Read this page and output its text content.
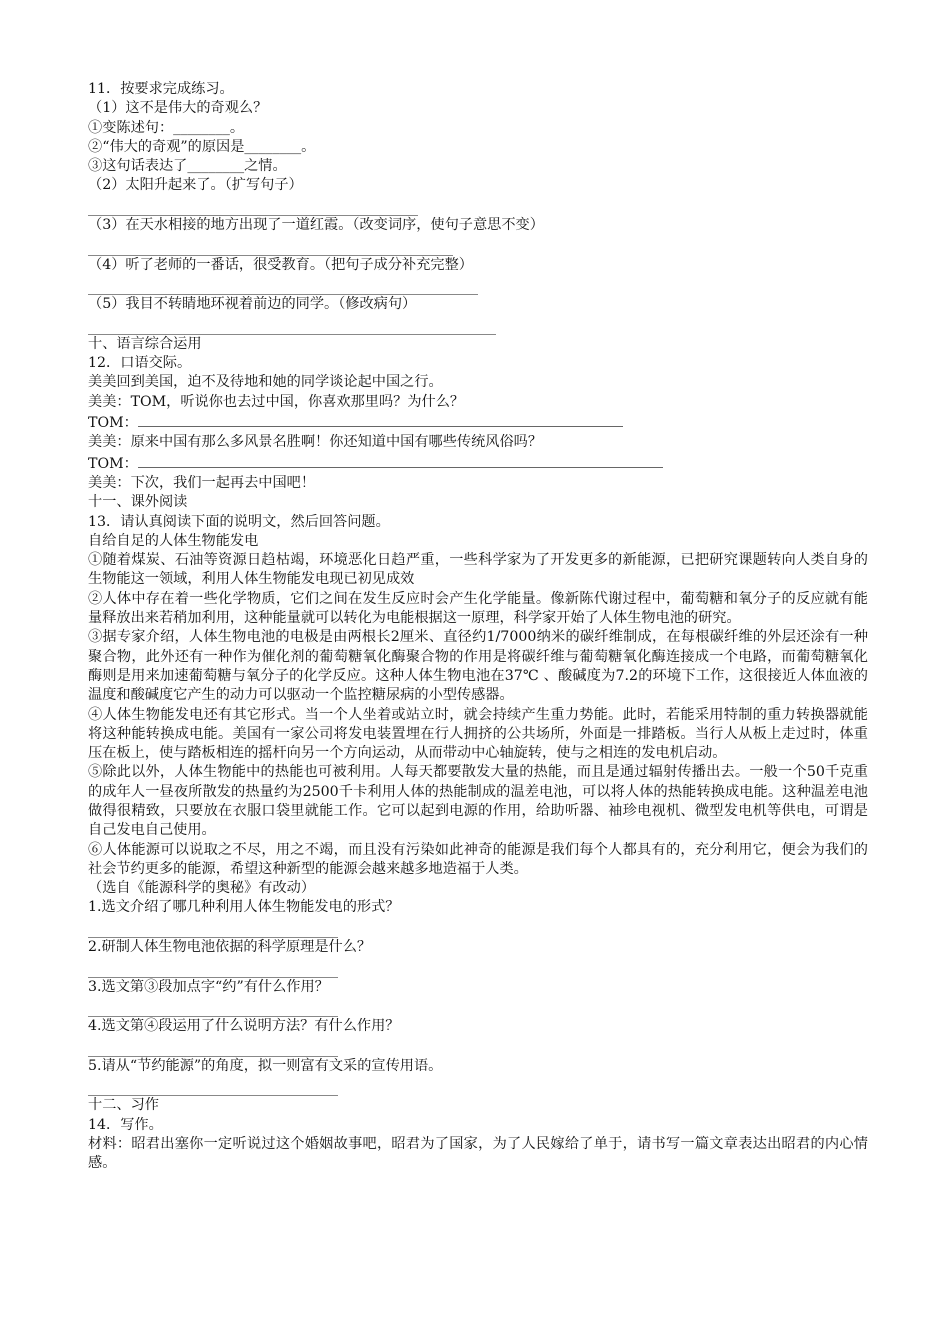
11．按要求完成练习。
（1）这不是伟大的奇观么？
①变陈述句：________。
②“伟大的奇观”的原因是________。
③这句话表达了________之情。
（2）太阳升起来了。（扩写句子）
（3）在天水相接的地方出现了一道红霞。（改变词序，使句子意思不变）
（4）听了老师的一番话，很受教育。（把句子成分补充完整）
（5）我目不转睛地环视着前边的同学。（修改病句）
十、语言综合运用
12．口语交际。
美美回到美国，迫不及待地和她的同学谈论起中国之行。
美美：TOM，听说你也去过中国，你喜欢那里吗？为什么？
TOM：
美美：原来中国有那么多风景名胜啊！你还知道中国有哪些传统风俗吗？
TOM：
美美：下次，我们一起再去中国吧！
十一、课外阅读
13．请认真阅读下面的说明文，然后回答问题。
自给自足的人体生物能发电
①随着煤炭、石油等资源日趋枯竭，环境恶化日趋严重，一些科学家为了开发更多的新能源，已把研究课题转向人类自身的生物能这一领域，利用人体生物能发电现已初见成效
②人体中存在着一些化学物质，它们之间在发生反应时会产生化学能量。像新陈代谢过程中，葡萄糖和氧分子的反应就有能量释放出来若稍加利用，这种能量就可以转化为电能根据这一原理，科学家开始了人体生物电池的研究。
③据专家介绍，人体生物电池的电极是由两根长2厘米、直径约1/7000纳米的碳纤维制成，在每根碳纤维的外层还涂有一种聚合物，此外还有一种作为催化剂的葡萄糖氧化酶聚合物的作用是将碳纤维与葡萄糖氧化酶连接成一个电路，而葡萄糖氧化酶则是用来加速葡萄糖与氧分子的化学反应。这种人体生物电池在37℃ 、酸碱度为7.2的环境下工作，这很接近人体血液的温度和酸碱度它产生的动力可以驱动一个监控糖尿病的小型传感器。
④人体生物能发电还有其它形式。当一个人坐着或站立时，就会持续产生重力势能。此时，若能采用特制的重力转换器就能将这种能转换成电能。美国有一家公司将发电装置埋在行人拥挤的公共场所，外面是一排踏板。当行人从板上走过时，体重压在板上，使与踏板相连的摇杆向另一个方向运动，从而带动中心轴旋转，使与之相连的发电机启动。
⑤除此以外，人体生物能中的热能也可被利用。人每天都要散发大量的热能，而且是通过辐射传播出去。一般一个50千克重的成年人一昼夜所散发的热量约为2500千卡利用人体的热能制成的温差电池，可以将人体的热能转换成电能。这种温差电池做得很精致，只要放在衣服口袋里就能工作。它可以起到电源的作用，给助听器、袖珍电视机、微型发电机等供电，可谓是自己发电自己使用。
⑥人体能源可以说取之不尽，用之不竭，而且没有污染如此神奇的能源是我们每个人都具有的，充分利用它，便会为我们的社会节约更多的能源，希望这种新型的能源会越来越多地造福于人类。
（选自《能源科学的奥秘》有改动）
1.选文介绍了哪几种利用人体生物能发电的形式？
2.研制人体生物电池依据的科学原理是什么？
3.选文第③段加点字“约”有什么作用？
4.选文第④段运用了什么说明方法？有什么作用？
5.请从“节约能源”的角度，拟一则富有文采的宣传用语。
十二、习作
14．写作。
材料：昭君出塞你一定听说过这个婚姻故事吧，昭君为了国家，为了人民嫁给了单于，请书写一篇文章表达出昭君的内心情感。
